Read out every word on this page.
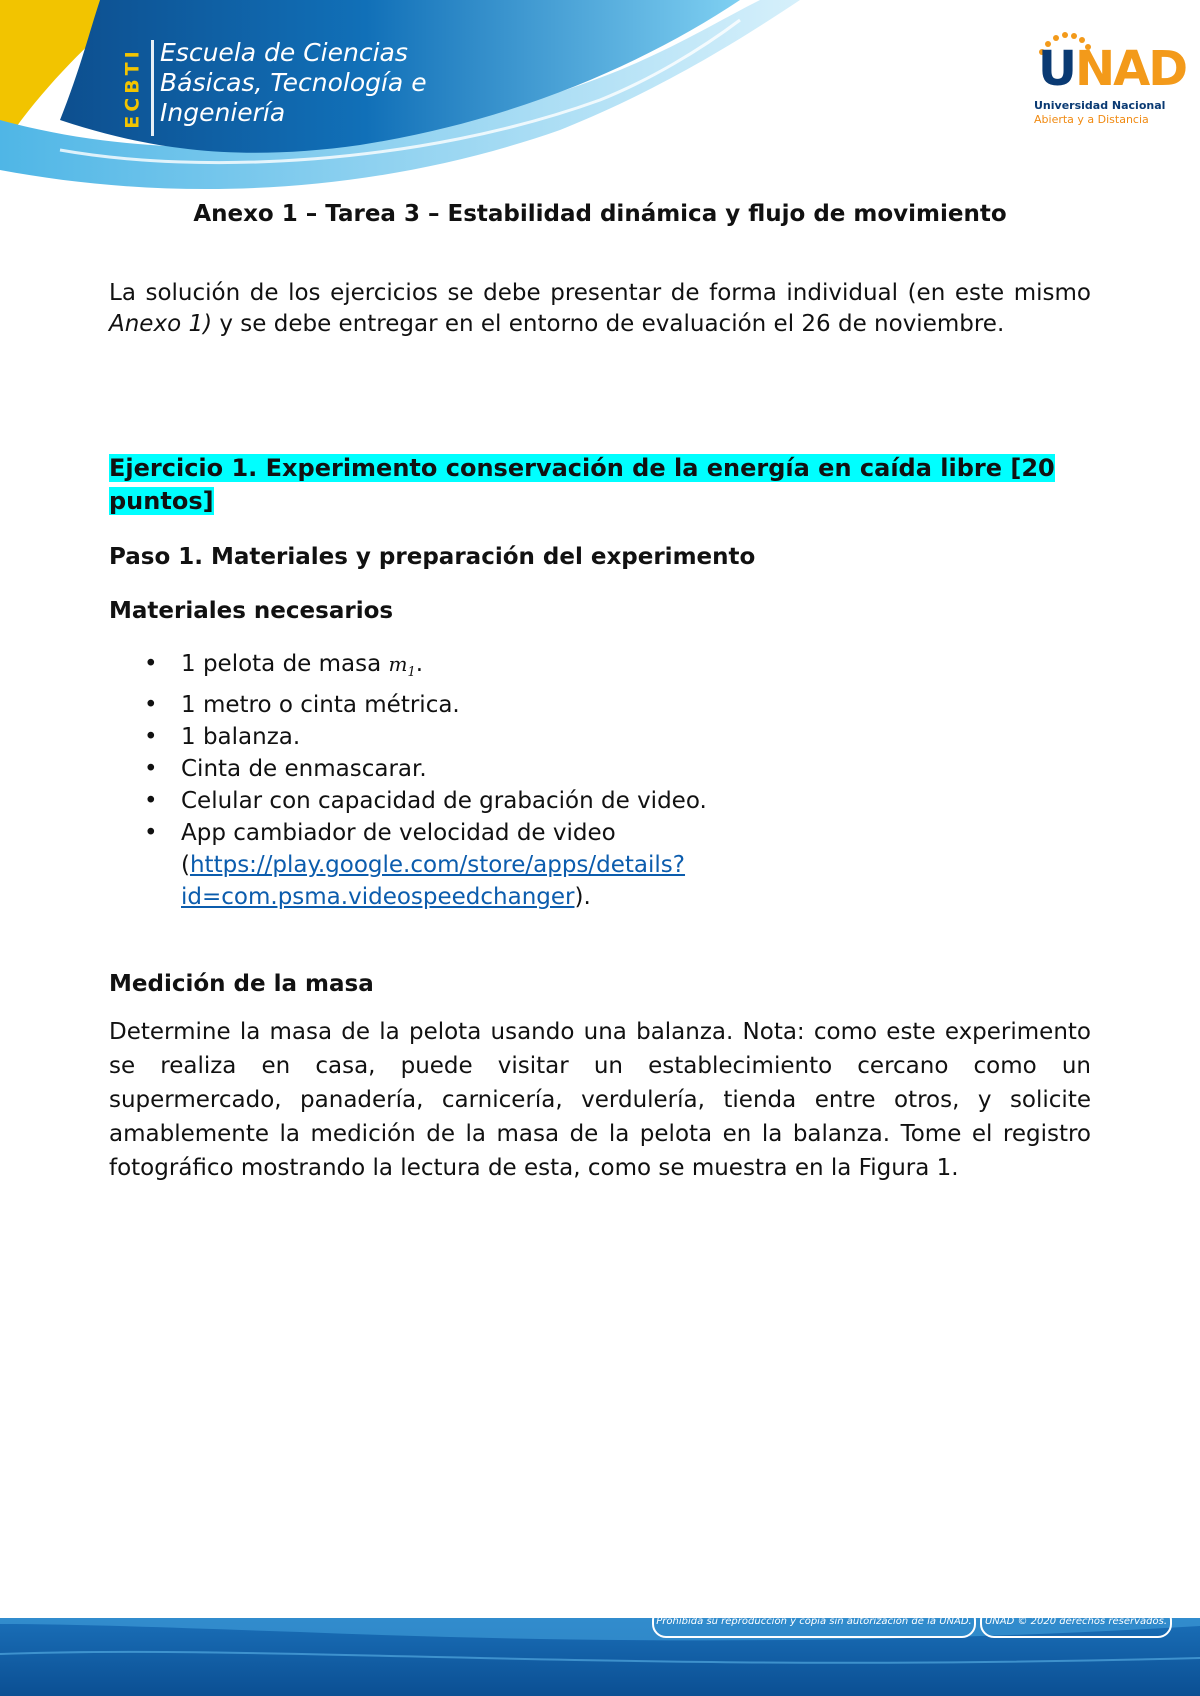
ECBTI Escuela de Ciencias
Básicas, Tecnología e
Ingeniería
UNAD
Universidad Nacional
Abierta y a Distancia
Anexo 1 – Tarea 3 – Estabilidad dinámica y flujo de movimiento

La solución de los ejercicios se debe presentar de forma individual (en este mismo Anexo 1) y se debe entregar en el entorno de evaluación el 26 de noviembre.

Ejercicio 1. Experimento conservación de la energía en caída libre [20 puntos]
Paso 1. Materiales y preparación del experimento
Materiales necesarios
• 1 pelota de masa $m_1$.
• 1 metro o cinta métrica.
• 1 balanza.
• Cinta de enmascarar.
• Celular con capacidad de grabación de video.
• App cambiador de velocidad de video
(https://play.google.com/store/apps/details?
id=com.psma.videospeedchanger).
Medición de la masa

Determine la masa de la pelota usando una balanza. Nota: como este experimento se realiza en casa, puede visitar un establecimiento cercano como un supermercado, panadería, carnicería, verdulería, tienda entre otros, y solicite amablemente la medición de la masa de la pelota en la balanza. Tome el registro fotográfico mostrando la lectura de esta, como se muestra en la Figura 1.

Prohibida su reproducción y copia sin autorización de la UNAD.	UNAD © 2020 derechos reservados.
